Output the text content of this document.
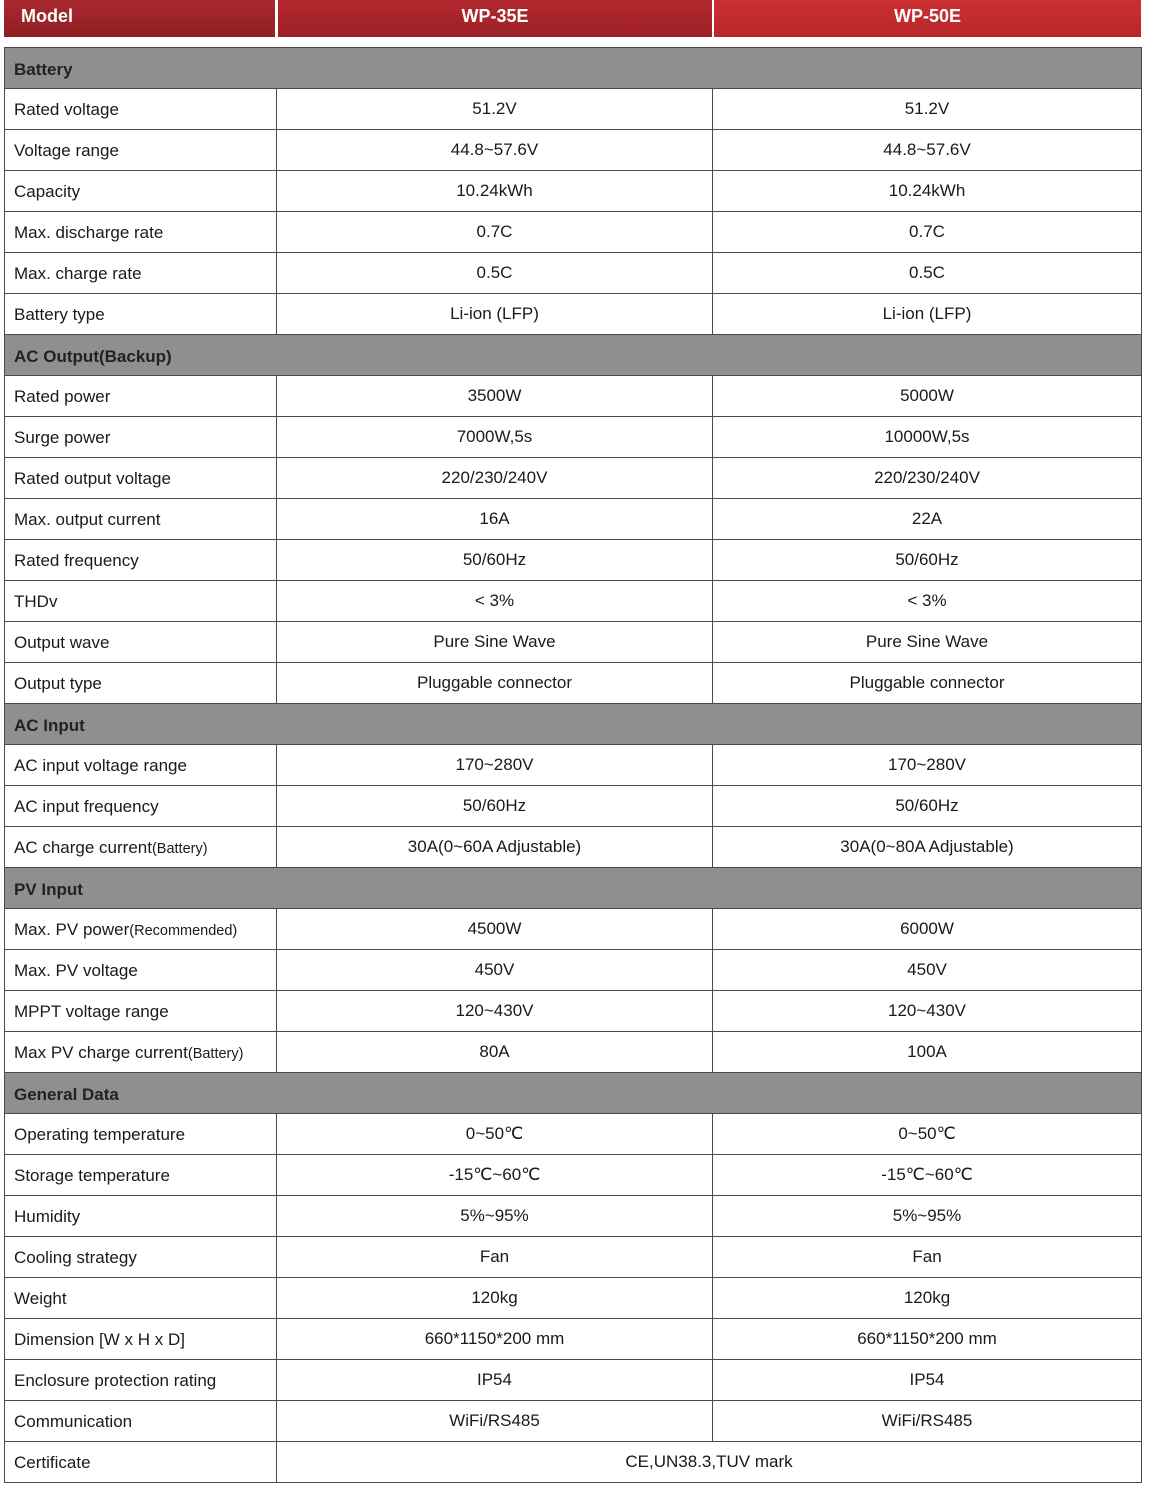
Model	WP-35E	WP-50E
Battery		
Rated voltage	51.2V	51.2V
Voltage range	44.8~57.6V	44.8~57.6V
Capacity	10.24kWh	10.24kWh
Max. discharge rate	0.7C	0.7C
Max. charge rate	0.5C	0.5C
Battery type	Li-ion (LFP)	Li-ion (LFP)
AC Output(Backup)		
Rated power	3500W	5000W
Surge power	7000W,5s	10000W,5s
Rated output voltage	220/230/240V	220/230/240V
Max. output current	16A	22A
Rated frequency	50/60Hz	50/60Hz
THDv	< 3%	< 3%
Output wave	Pure Sine Wave	Pure Sine Wave
Output type	Pluggable connector	Pluggable connector
AC Input		
AC input voltage range	170~280V	170~280V
AC input frequency	50/60Hz	50/60Hz
AC charge current(Battery)	30A(0~60A Adjustable)	30A(0~80A Adjustable)
PV Input		
Max. PV power(Recommended)	4500W	6000W
Max. PV voltage	450V	450V
MPPT voltage range	120~430V	120~430V
Max PV charge current(Battery)	80A	100A
General Data		
Operating temperature	0~50℃	0~50℃
Storage temperature	-15℃~60℃	-15℃~60℃
Humidity	5%~95%	5%~95%
Cooling strategy	Fan	Fan
Weight	120kg	120kg
Dimension [W x H x D]	660*1150*200 mm	660*1150*200 mm
Enclosure protection rating	IP54	IP54
Communication	WiFi/RS485	WiFi/RS485
Certificate	CE,UN38.3,TUV mark	
